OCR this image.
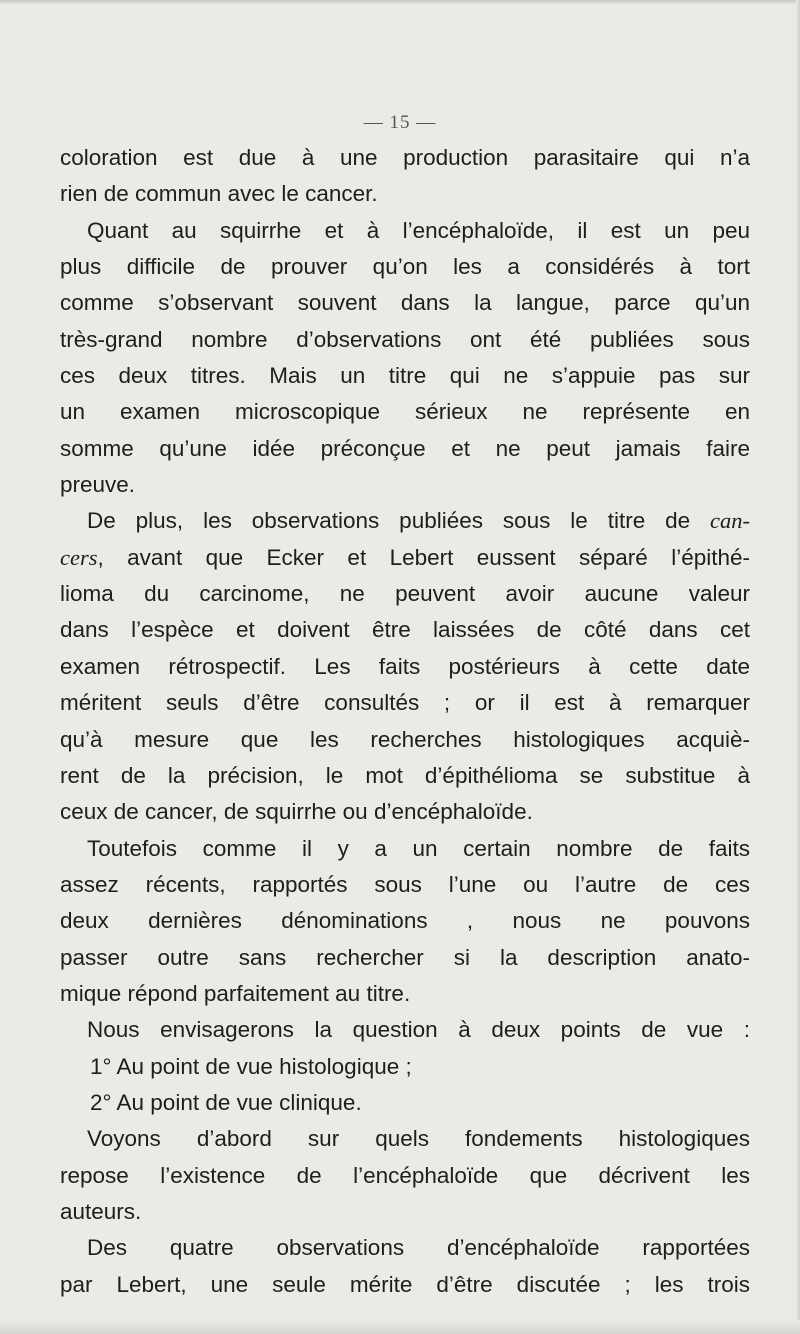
— 15 —
coloration est due à une production parasitaire qui n’a
rien de commun avec le cancer.
Quant au squirrhe et à l’encéphaloïde, il est un peu
plus difficile de prouver qu’on les a considérés à tort
comme s’observant souvent dans la langue, parce qu’un
très-grand nombre d’observations ont été publiées sous
ces deux titres. Mais un titre qui ne s’appuie pas sur
un examen microscopique sérieux ne représente en
somme qu’une idée préconçue et ne peut jamais faire
preuve.
De plus, les observations publiées sous le titre de can-
cers, avant que Ecker et Lebert eussent séparé l’épithé-
lioma du carcinome, ne peuvent avoir aucune valeur
dans l’espèce et doivent être laissées de côté dans cet
examen rétrospectif. Les faits postérieurs à cette date
méritent seuls d’être consultés ; or il est à remarquer
qu’à mesure que les recherches histologiques acquiè-
rent de la précision, le mot d’épithélioma se substitue à
ceux de cancer, de squirrhe ou d’encéphaloïde.
Toutefois comme il y a un certain nombre de faits
assez récents, rapportés sous l’une ou l’autre de ces
deux dernières dénominations , nous ne pouvons
passer outre sans rechercher si la description anato-
mique répond parfaitement au titre.
Nous envisagerons la question à deux points de vue :
1° Au point de vue histologique ;
2° Au point de vue clinique.
Voyons d’abord sur quels fondements histologiques
repose l’existence de l’encéphaloïde que décrivent les
auteurs.
Des quatre observations d’encéphaloïde rapportées
par Lebert, une seule mérite d’être discutée ; les trois
